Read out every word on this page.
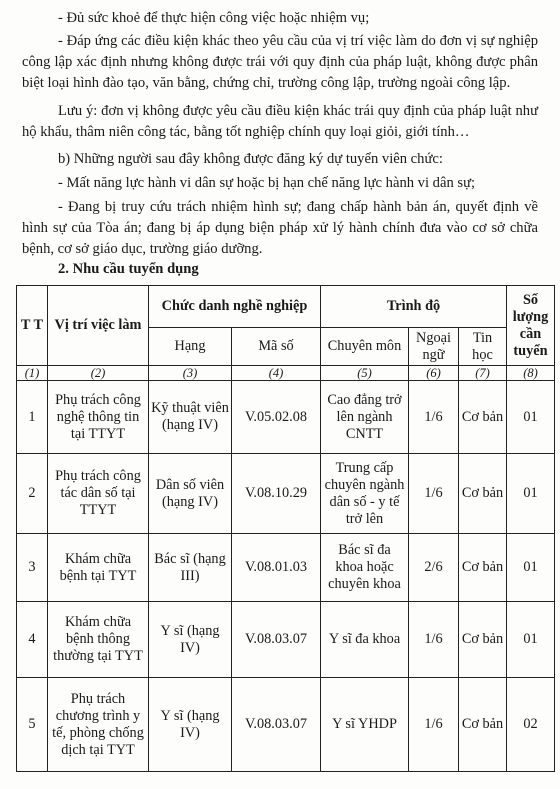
- Đủ sức khoẻ để thực hiện công việc hoặc nhiệm vụ;

- Đáp ứng các điều kiện khác theo yêu cầu của vị trí việc làm do đơn vị sự nghiệp công lập xác định nhưng không được trái với quy định của pháp luật, không được phân biệt loại hình đào tạo, văn bằng, chứng chỉ, trường công lập, trường ngoài công lập.

Lưu ý: đơn vị không được yêu cầu điều kiện khác trái quy định của pháp luật như hộ khẩu, thâm niên công tác, bằng tốt nghiệp chính quy loại giỏi, giới tính…

b) Những người sau đây không được đăng ký dự tuyển viên chức:

- Mất năng lực hành vi dân sự hoặc bị hạn chế năng lực hành vi dân sự;

- Đang bị truy cứu trách nhiệm hình sự; đang chấp hành bản án, quyết định về hình sự của Tòa án; đang bị áp dụng biện pháp xử lý hành chính đưa vào cơ sở chữa bệnh, cơ sở giáo dục, trường giáo dưỡng.

2. Nhu cầu tuyển dụng

T T	Vị trí việc làm	Chức danh nghề nghiệp		Trình độ			Số lượng cần tuyển
		Hạng	Mã số	Chuyên môn	Ngoại ngữ	Tin học	
(1)	(2)	(3)	(4)	(5)	(6)	(7)	(8)
1	Phụ trách công nghệ thông tin tại TTYT	Kỹ thuật viên (hạng IV)	V.05.02.08	Cao đẳng trở lên ngành CNTT	1/6	Cơ bản	01
2	Phụ trách công tác dân số tại TTYT	Dân số viên (hạng IV)	V.08.10.29	Trung cấp chuyên ngành dân số - y tế trở lên	1/6	Cơ bản	01
3	Khám chữa bệnh tại TYT	Bác sĩ (hạng III)	V.08.01.03	Bác sĩ đa khoa hoặc chuyên khoa	2/6	Cơ bản	01
4	Khám chữa bệnh thông thường tại TYT	Y sĩ (hạng IV)	V.08.03.07	Y sĩ đa khoa	1/6	Cơ bản	01
5	Phụ trách chương trình y tế, phòng chống dịch tại TYT	Y sĩ (hạng IV)	V.08.03.07	Y sĩ YHDP	1/6	Cơ bản	02
